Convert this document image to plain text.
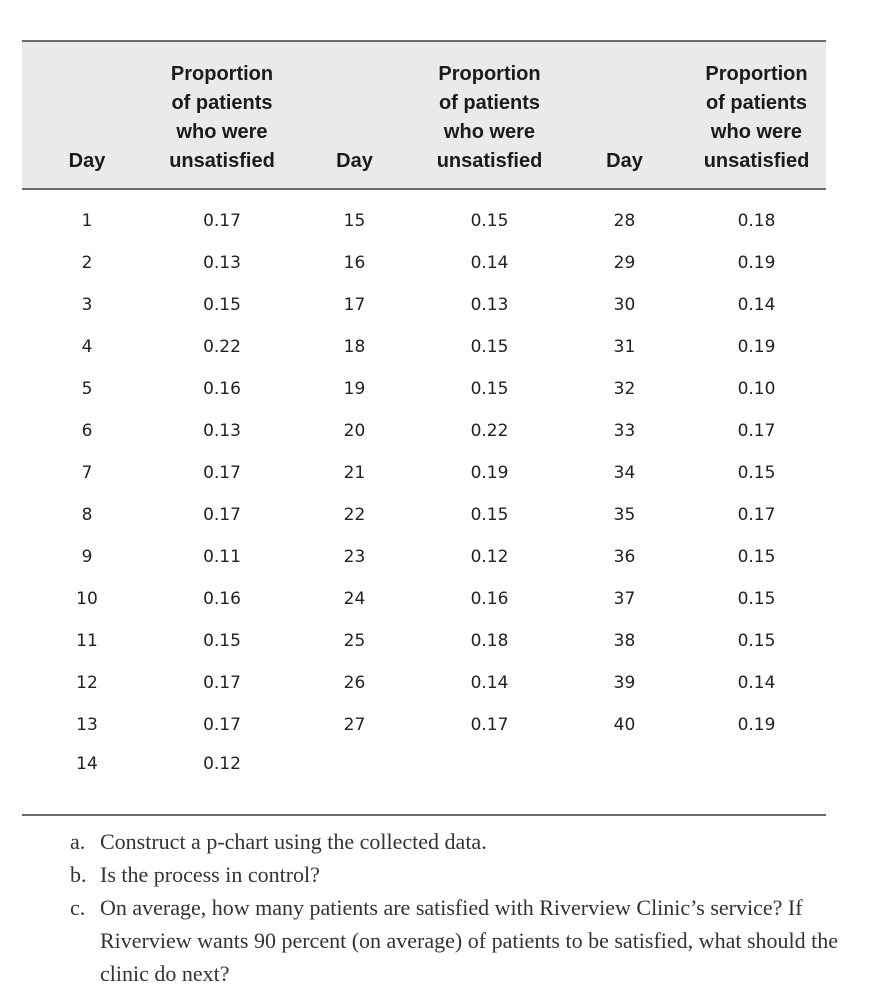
Day	Proportion
of patients
who were
unsatisfied	Day	Proportion
of patients
who were
unsatisfied	Day	Proportion
of patients
who were
unsatisfied
1	0.17	15	0.15	28	0.18
2	0.13	16	0.14	29	0.19
3	0.15	17	0.13	30	0.14
4	0.22	18	0.15	31	0.19
5	0.16	19	0.15	32	0.10
6	0.13	20	0.22	33	0.17
7	0.17	21	0.19	34	0.15
8	0.17	22	0.15	35	0.17
9	0.11	23	0.12	36	0.15
10	0.16	24	0.16	37	0.15
11	0.15	25	0.18	38	0.15
12	0.17	26	0.14	39	0.14
13	0.17	27	0.17	40	0.19
14	0.12				
a. Construct a p-chart using the collected data.
b. Is the process in control?
c. On average, how many patients are satisfied with Riverview Clinic’s service? If Riverview wants 90 percent (on average) of patients to be satisfied, what should the clinic do next?
